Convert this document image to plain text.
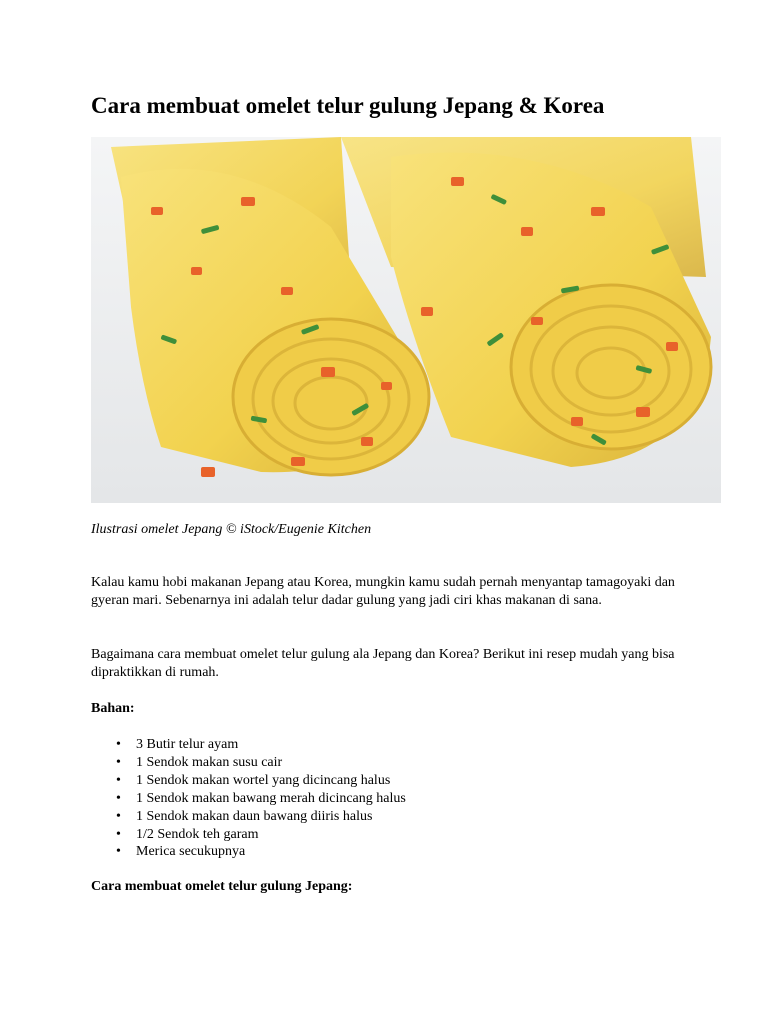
Cara membuat omelet telur gulung Jepang & Korea

Ilustrasi omelet Jepang © iStock/Eugenie Kitchen

Kalau kamu hobi makanan Jepang atau Korea, mungkin kamu sudah pernah menyantap tamagoyaki dan gyeran mari. Sebenarnya ini adalah telur dadar gulung yang jadi ciri khas makanan di sana.

Bagaimana cara membuat omelet telur gulung ala Jepang dan Korea? Berikut ini resep mudah yang bisa dipraktikkan di rumah.

Bahan:

• 3 Butir telur ayam
• 1 Sendok makan susu cair
• 1 Sendok makan wortel yang dicincang halus
• 1 Sendok makan bawang merah dicincang halus
• 1 Sendok makan daun bawang diiris halus
• 1/2 Sendok teh garam
• Merica secukupnya

Cara membuat omelet telur gulung Jepang:
